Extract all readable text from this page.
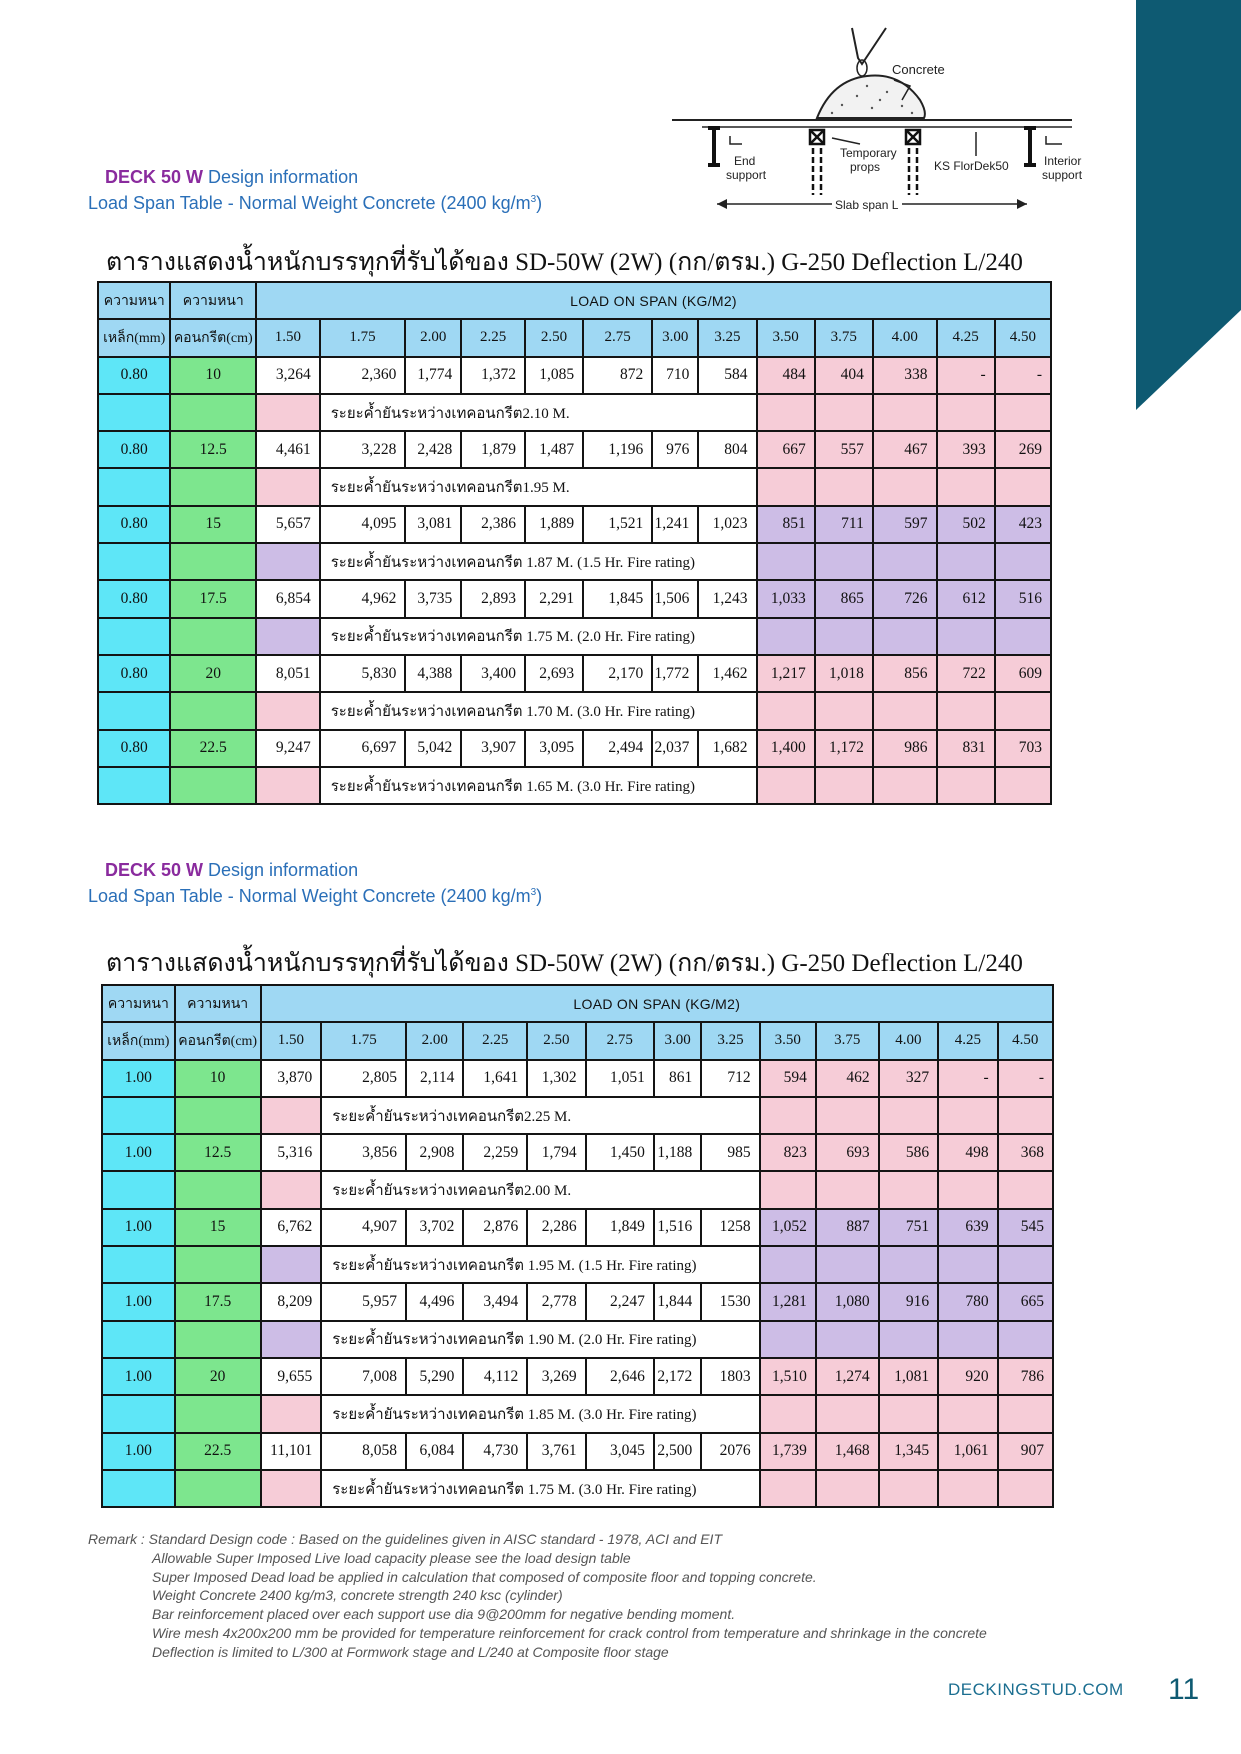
Concrete
End
support
Temporary
props	KS FlorDek50	Interior
support
Slab span L
DECK 50 W Design information
Load Span Table - Normal Weight Concrete (2400 $kg/m^3$)
ตารางแสดงน้ำหนักบรรทุกที่รับได้ของ SD-50W (2W) (กก/ตรม.) G-250 Deflection L/240
ความหนา	ความหนา	LOAD ON SPAN (KG/M2)												
เหล็ก(mm)	คอนกรีต(cm)	1.50	1.75	2.00	2.25	2.50	2.75	3.00	3.25	3.50	3.75	4.00	4.25	4.50
0.80	10	3,264	2,360	1,774	1,372	1,085	872	710	584	484	404	338	-	-
			ระยะค้ำยันระหว่างเทคอนกรีต2.10 M.											
0.80	12.5	4,461	3,228	2,428	1,879	1,487	1,196	976	804	667	557	467	393	269
			ระยะค้ำยันระหว่างเทคอนกรีต1.95 M.											
0.80	15	5,657	4,095	3,081	2,386	1,889	1,521	1,241	1,023	851	711	597	502	423
			ระยะค้ำยันระหว่างเทคอนกรีต 1.87 M. (1.5 Hr. Fire rating)											
0.80	17.5	6,854	4,962	3,735	2,893	2,291	1,845	1,506	1,243	1,033	865	726	612	516
			ระยะค้ำยันระหว่างเทคอนกรีต 1.75 M. (2.0 Hr. Fire rating)											
0.80	20	8,051	5,830	4,388	3,400	2,693	2,170	1,772	1,462	1,217	1,018	856	722	609
			ระยะค้ำยันระหว่างเทคอนกรีต 1.70 M. (3.0 Hr. Fire rating)											
0.80	22.5	9,247	6,697	5,042	3,907	3,095	2,494	2,037	1,682	1,400	1,172	986	831	703
			ระยะค้ำยันระหว่างเทคอนกรีต 1.65 M. (3.0 Hr. Fire rating)											
DECK 50 W Design information
Load Span Table - Normal Weight Concrete (2400 $kg/m^3$)
ตารางแสดงน้ำหนักบรรทุกที่รับได้ของ SD-50W (2W) (กก/ตรม.) G-250 Deflection L/240
ความหนา	ความหนา	LOAD ON SPAN (KG/M2)												
เหล็ก(mm)	คอนกรีต(cm)	1.50	1.75	2.00	2.25	2.50	2.75	3.00	3.25	3.50	3.75	4.00	4.25	4.50
1.00	10	3,870	2,805	2,114	1,641	1,302	1,051	861	712	594	462	327	-	-
			ระยะค้ำยันระหว่างเทคอนกรีต2.25 M.											
1.00	12.5	5,316	3,856	2,908	2,259	1,794	1,450	1,188	985	823	693	586	498	368
			ระยะค้ำยันระหว่างเทคอนกรีต2.00 M.											
1.00	15	6,762	4,907	3,702	2,876	2,286	1,849	1,516	1258	1,052	887	751	639	545
			ระยะค้ำยันระหว่างเทคอนกรีต 1.95 M. (1.5 Hr. Fire rating)											
1.00	17.5	8,209	5,957	4,496	3,494	2,778	2,247	1,844	1530	1,281	1,080	916	780	665
			ระยะค้ำยันระหว่างเทคอนกรีต 1.90 M. (2.0 Hr. Fire rating)											
1.00	20	9,655	7,008	5,290	4,112	3,269	2,646	2,172	1803	1,510	1,274	1,081	920	786
			ระยะค้ำยันระหว่างเทคอนกรีต 1.85 M. (3.0 Hr. Fire rating)											
1.00	22.5	11,101	8,058	6,084	4,730	3,761	3,045	2,500	2076	1,739	1,468	1,345	1,061	907
			ระยะค้ำยันระหว่างเทคอนกรีต 1.75 M. (3.0 Hr. Fire rating)											
Remark : Standard Design code : Based on the guidelines given in AISC standard - 1978, ACI and EIT
Allowable Super Imposed Live load capacity please see the load design table
Super Imposed Dead load be applied in calculation that composed of composite floor and topping concrete.
Weight Concrete 2400 kg/m3, concrete strength 240 ksc (cylinder)
Bar reinforcement placed over each support use dia 9@200mm for negative bending moment.
Wire mesh 4x200x200 mm be provided for temperature reinforcement for crack control from temperature and shrinkage in the concrete
Deflection is limited to L/300 at Formwork stage and L/240 at Composite floor stage
DECKINGSTUD.COM 11
